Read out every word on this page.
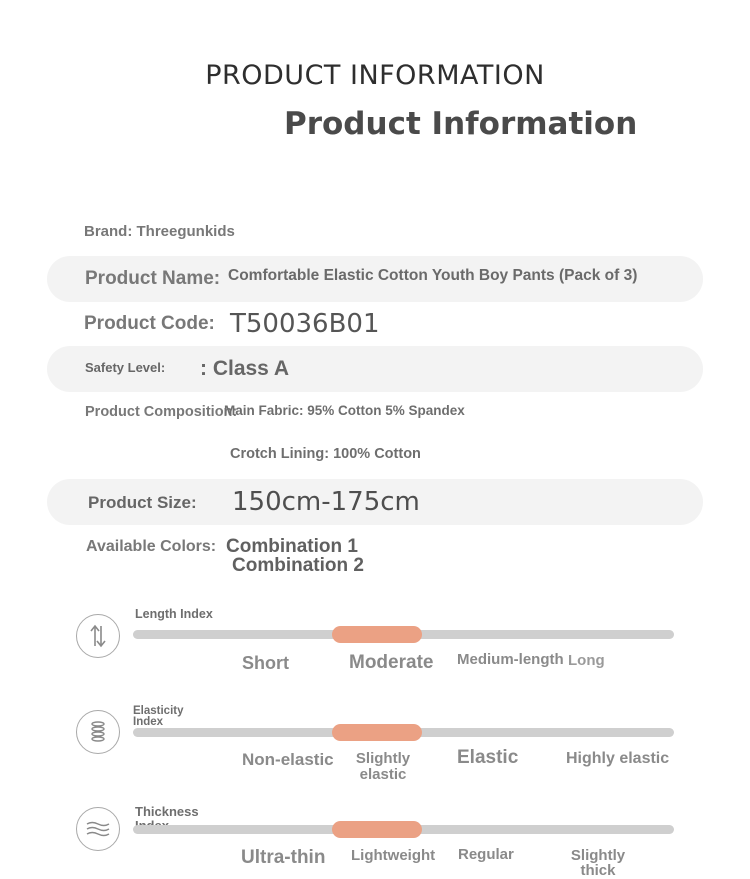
PRODUCT INFORMATION
Product Information
Brand: Threegunkids
Product Name: Comfortable Elastic Cotton Youth Boy Pants (Pack of 3)
Product Code: T50036B01
Safety Level: : Class A
Product Composition:
Main Fabric: 95% Cotton 5% Spandex
Crotch Lining: 100% Cotton
Product Size: 150cm-175cm
Available Colors: Combination 1
Combination 2
Length Index
Short	Moderate Medium-length Long
Elasticity Index
Non-elastic	Slightly elastic
Elastic	Highly elastic
Thickness
Ultra-thin Lightweight Regular	Slightly thick
